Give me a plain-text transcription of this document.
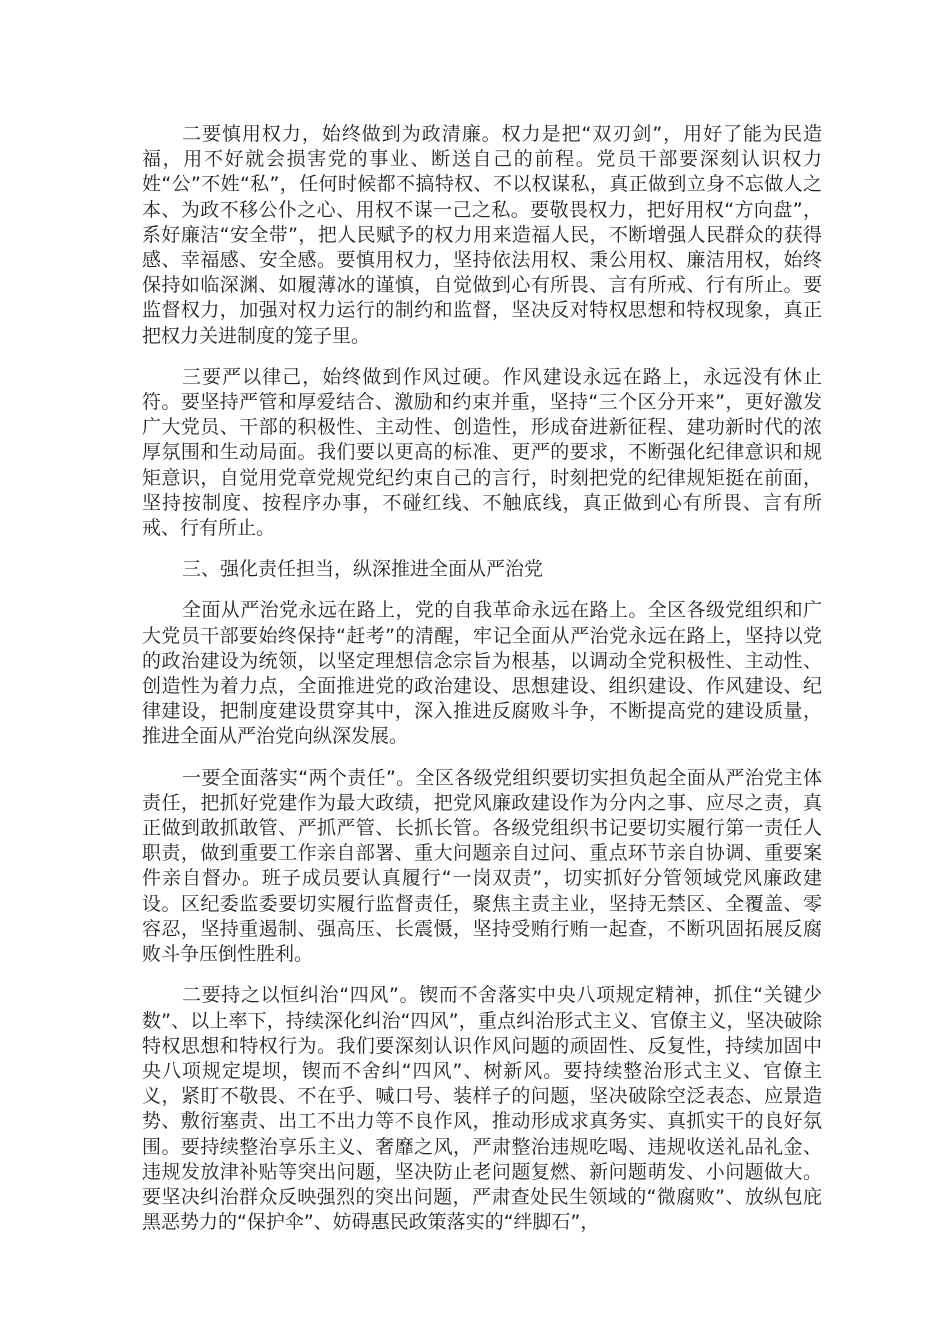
二要慎用权力，始终做到为政清廉。权力是把“双刃剑”，用好了能为民造福，用不好就会损害党的事业、断送自己的前程。党员干部要深刻认识权力姓“公”不姓“私”，任何时候都不搞特权、不以权谋私，真正做到立身不忘做人之本、为政不移公仆之心、用权不谋一己之私。要敬畏权力，把好用权“方向盘”，系好廉洁“安全带”，把人民赋予的权力用来造福人民，不断增强人民群众的获得感、幸福感、安全感。要慎用权力，坚持依法用权、秉公用权、廉洁用权，始终保持如临深渊、如履薄冰的谨慎，自觉做到心有所畏、言有所戒、行有所止。要监督权力，加强对权力运行的制约和监督，坚决反对特权思想和特权现象，真正把权力关进制度的笼子里。

三要严以律己，始终做到作风过硬。作风建设永远在路上，永远没有休止符。要坚持严管和厚爱结合、激励和约束并重，坚持“三个区分开来”，更好激发广大党员、干部的积极性、主动性、创造性，形成奋进新征程、建功新时代的浓厚氛围和生动局面。我们要以更高的标准、更严的要求，不断强化纪律意识和规矩意识，自觉用党章党规党纪约束自己的言行，时刻把党的纪律规矩挺在前面，坚持按制度、按程序办事，不碰红线、不触底线，真正做到心有所畏、言有所戒、行有所止。

三、强化责任担当，纵深推进全面从严治党

全面从严治党永远在路上，党的自我革命永远在路上。全区各级党组织和广大党员干部要始终保持“赶考”的清醒，牢记全面从严治党永远在路上，坚持以党的政治建设为统领，以坚定理想信念宗旨为根基，以调动全党积极性、主动性、创造性为着力点，全面推进党的政治建设、思想建设、组织建设、作风建设、纪律建设，把制度建设贯穿其中，深入推进反腐败斗争，不断提高党的建设质量，推进全面从严治党向纵深发展。

一要全面落实“两个责任”。全区各级党组织要切实担负起全面从严治党主体责任，把抓好党建作为最大政绩，把党风廉政建设作为分内之事、应尽之责，真正做到敢抓敢管、严抓严管、长抓长管。各级党组织书记要切实履行第一责任人职责，做到重要工作亲自部署、重大问题亲自过问、重点环节亲自协调、重要案件亲自督办。班子成员要认真履行“一岗双责”，切实抓好分管领域党风廉政建设。区纪委监委要切实履行监督责任，聚焦主责主业，坚持无禁区、全覆盖、零容忍，坚持重遏制、强高压、长震慑，坚持受贿行贿一起查，不断巩固拓展反腐败斗争压倒性胜利。

二要持之以恒纠治“四风”。锲而不舍落实中央八项规定精神，抓住“关键少数”、以上率下，持续深化纠治“四风”，重点纠治形式主义、官僚主义，坚决破除特权思想和特权行为。我们要深刻认识作风问题的顽固性、反复性，持续加固中央八项规定堤坝，锲而不舍纠“四风”、树新风。要持续整治形式主义、官僚主义，紧盯不敬畏、不在乎、喊口号、装样子的问题，坚决破除空泛表态、应景造势、敷衍塞责、出工不出力等不良作风，推动形成求真务实、真抓实干的良好氛围。要持续整治享乐主义、奢靡之风，严肃整治违规吃喝、违规收送礼品礼金、违规发放津补贴等突出问题，坚决防止老问题复燃、新问题萌发、小问题做大。要坚决纠治群众反映强烈的突出问题，严肃查处民生领域的“微腐败”、放纵包庇黑恶势力的“保护伞”、妨碍惠民政策落实的“绊脚石”，
